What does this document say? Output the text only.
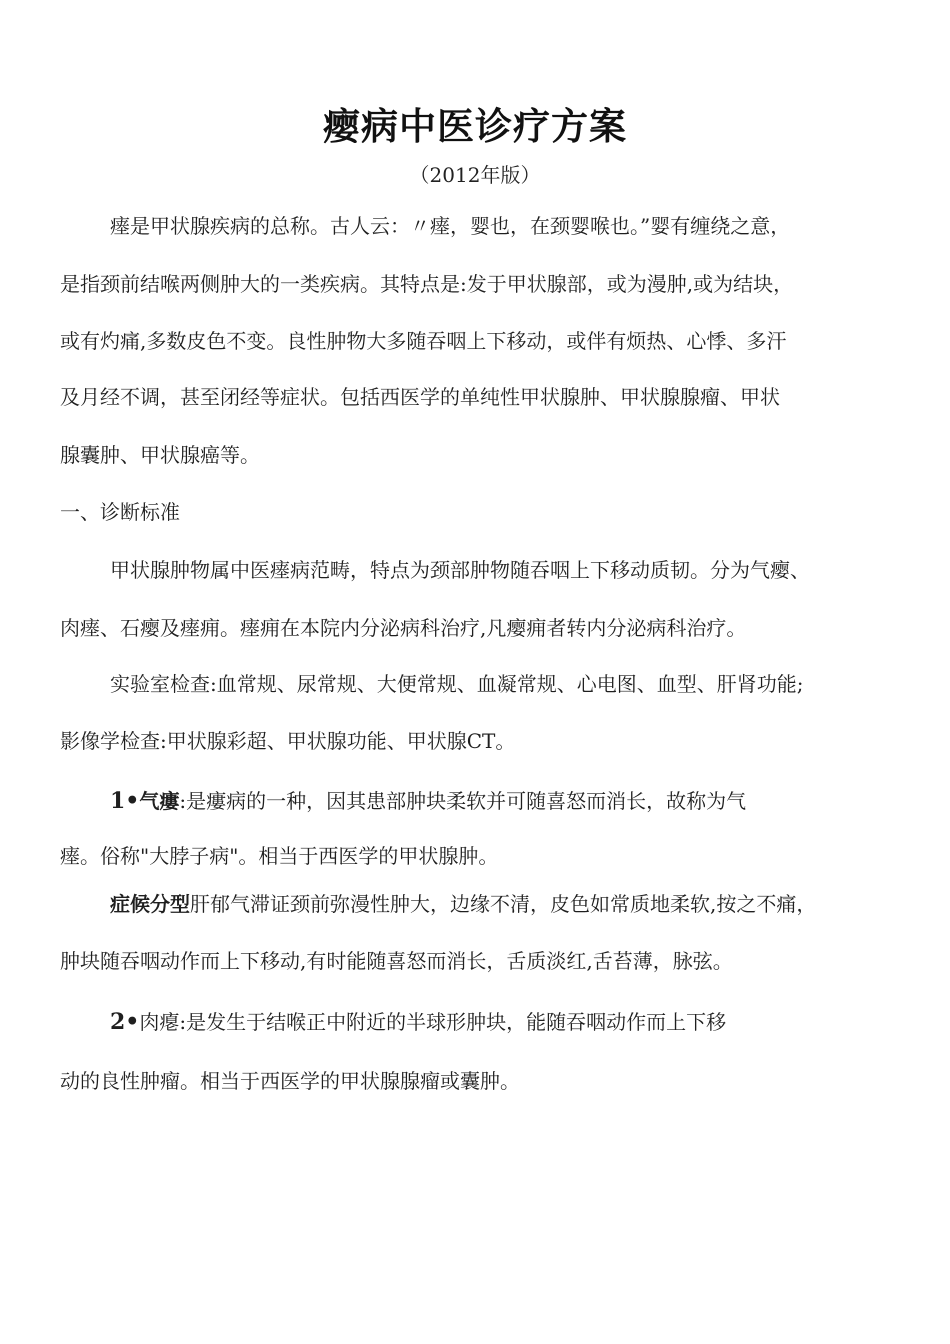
瘿病中医诊疗方案
（2012年版）
瘗是甲状腺疾病的总称。古人云：〃瘗，婴也，在颈婴喉也。”婴有缠绕之意，
是指颈前结喉两侧肿大的一类疾病。其特点是:发于甲状腺部，或为漫肿,或为结块，
或有灼痛,多数皮色不变。良性肿物大多随吞咽上下移动，或伴有烦热、心悸、多汗
及月经不调，甚至闭经等症状。包括西医学的单纯性甲状腺肿、甲状腺腺瘤、甲状
腺囊肿、甲状腺癌等。
一、诊断标准
甲状腺肿物属中医瘗病范畴，特点为颈部肿物随吞咽上下移动质韧。分为气瘿、
肉瘗、石瘿及瘗痈。瘗痈在本院内分泌病科治疗,凡瘿痈者转内分泌病科治疗。
实验室检查:血常规、尿常规、大便常规、血凝常规、心电图、血型、肝肾功能;
影像学检查:甲状腺彩超、甲状腺功能、甲状腺CT。
1•气瘻:是瘻病的一种，因其患部肿块柔软并可随喜怒而消长，故称为气
瘗。俗称"大脖子病"。相当于西医学的甲状腺肿。
症候分型肝郁气滞证颈前弥漫性肿大，边缘不清，皮色如常质地柔软,按之不痛，
肿块随吞咽动作而上下移动,有时能随喜怒而消长，舌质淡红,舌苔薄，脉弦。
2•肉瘪:是发生于结喉正中附近的半球形肿块，能随吞咽动作而上下移
动的良性肿瘤。相当于西医学的甲状腺腺瘤或囊肿。
